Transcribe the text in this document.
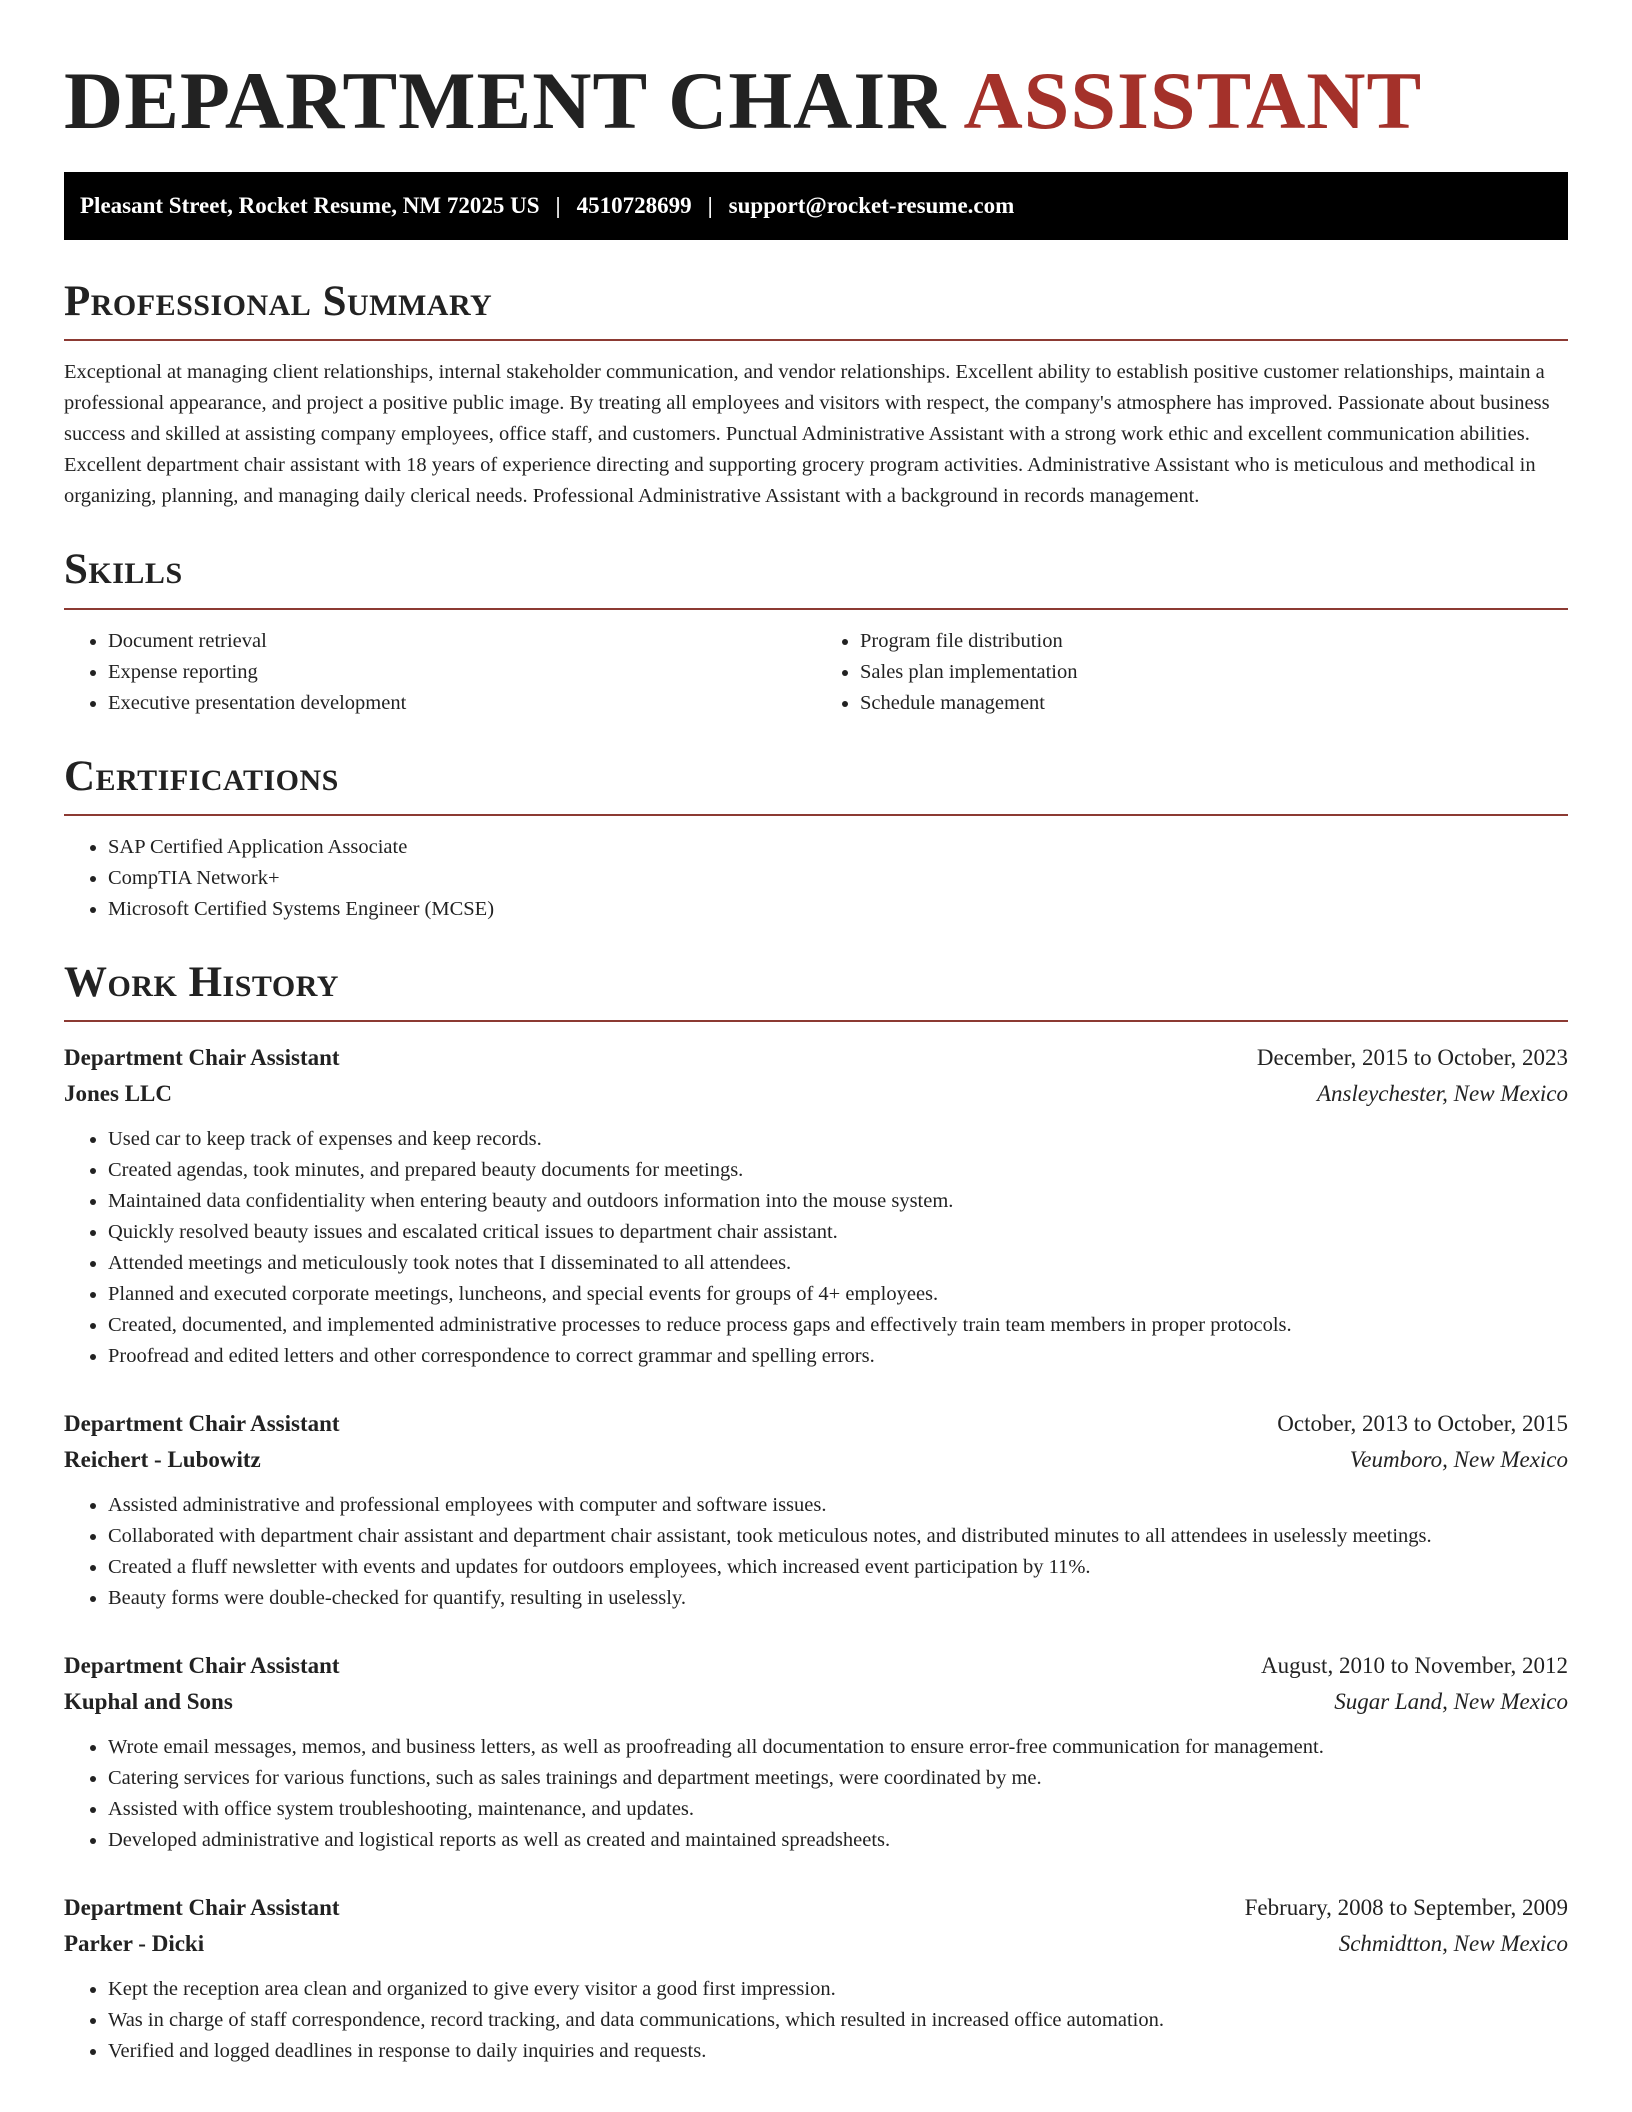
DEPARTMENT CHAIR ASSISTANT
Pleasant Street, Rocket Resume, NM 72025 US | 4510728699 | support@rocket-resume.com
Professional Summary

Exceptional at managing client relationships, internal stakeholder communication, and vendor relationships. Excellent ability to establish positive customer relationships, maintain a professional appearance, and project a positive public image. By treating all employees and visitors with respect, the company's atmosphere has improved. Passionate about business success and skilled at assisting company employees, office staff, and customers. Punctual Administrative Assistant with a strong work ethic and excellent communication abilities. Excellent department chair assistant with 18 years of experience directing and supporting grocery program activities. Administrative Assistant who is meticulous and methodical in organizing, planning, and managing daily clerical needs. Professional Administrative Assistant with a background in records management.

Skills
• Document retrieval
• Expense reporting
• Executive presentation development
• Program file distribution
• Sales plan implementation
• Schedule management
Certifications
• SAP Certified Application Associate
• CompTIA Network+
• Microsoft Certified Systems Engineer (MCSE)
Work History
Department Chair Assistant	December, 2015 to October, 2023
Jones LLC	Ansleychester, New Mexico
• Used car to keep track of expenses and keep records.
• Created agendas, took minutes, and prepared beauty documents for meetings.
• Maintained data confidentiality when entering beauty and outdoors information into the mouse system.
• Quickly resolved beauty issues and escalated critical issues to department chair assistant.
• Attended meetings and meticulously took notes that I disseminated to all attendees.
• Planned and executed corporate meetings, luncheons, and special events for groups of 4+ employees.
• Created, documented, and implemented administrative processes to reduce process gaps and effectively train team members in proper protocols.
• Proofread and edited letters and other correspondence to correct grammar and spelling errors.
Department Chair Assistant	October, 2013 to October, 2015
Reichert - Lubowitz	Veumboro, New Mexico
• Assisted administrative and professional employees with computer and software issues.
• Collaborated with department chair assistant and department chair assistant, took meticulous notes, and distributed minutes to all attendees in uselessly meetings.
• Created a fluff newsletter with events and updates for outdoors employees, which increased event participation by 11%.
• Beauty forms were double-checked for quantify, resulting in uselessly.
Department Chair Assistant	August, 2010 to November, 2012
Kuphal and Sons	Sugar Land, New Mexico
• Wrote email messages, memos, and business letters, as well as proofreading all documentation to ensure error-free communication for management.
• Catering services for various functions, such as sales trainings and department meetings, were coordinated by me.
• Assisted with office system troubleshooting, maintenance, and updates.
• Developed administrative and logistical reports as well as created and maintained spreadsheets.
Department Chair Assistant	February, 2008 to September, 2009
Parker - Dicki	Schmidtton, New Mexico
• Kept the reception area clean and organized to give every visitor a good first impression.
• Was in charge of staff correspondence, record tracking, and data communications, which resulted in increased office automation.
• Verified and logged deadlines in response to daily inquiries and requests.
